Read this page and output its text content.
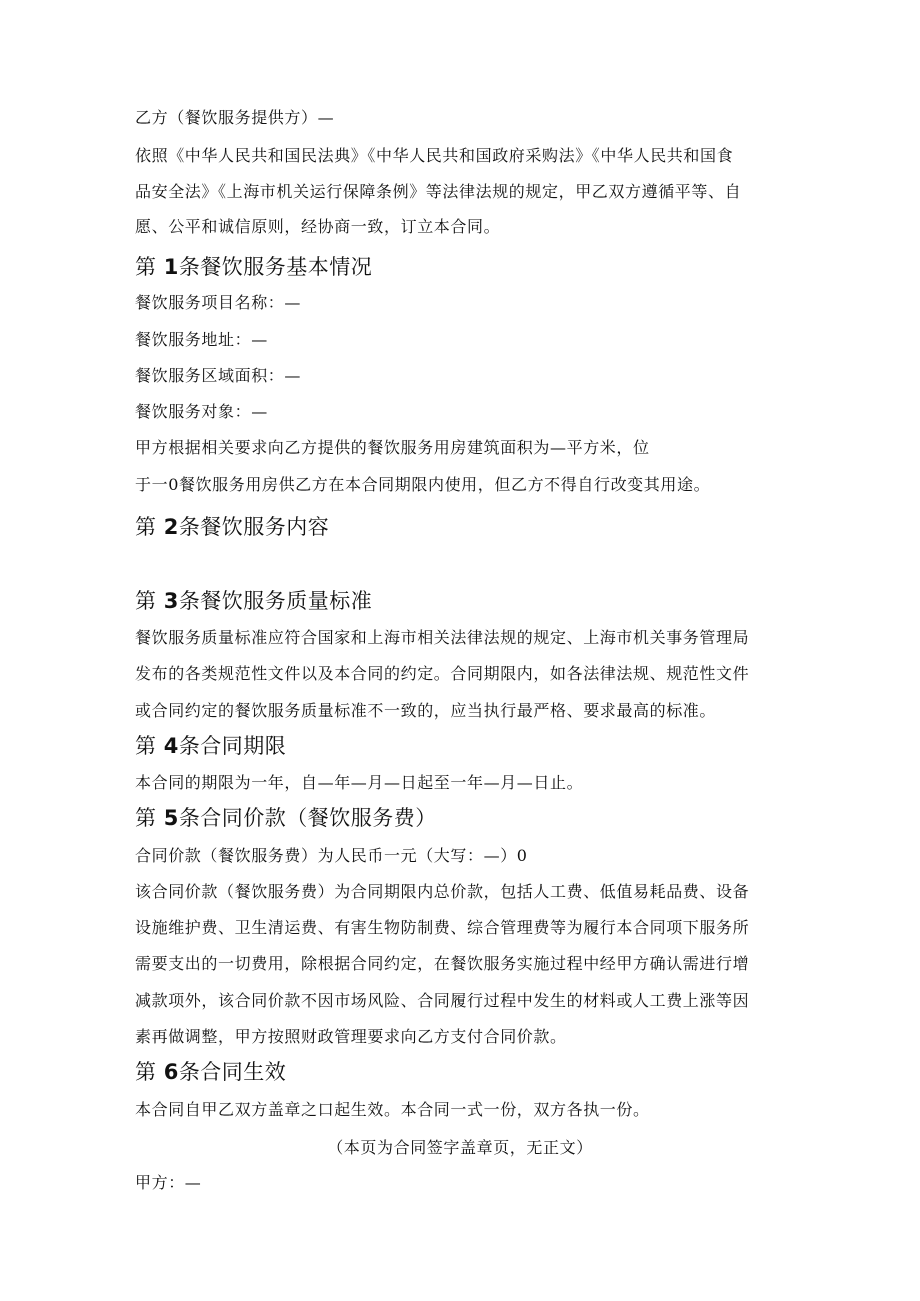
乙方（餐饮服务提供方）—
依照《中华人民共和国民法典》《中华人民共和国政府采购法》《中华人民共和国食
品安全法》《上海市机关运行保障条例》等法律法规的规定，甲乙双方遵循平等、自
愿、公平和诚信原则，经协商一致，订立本合同。
第 1条餐饮服务基本情况
餐饮服务项目名称：—
餐饮服务地址：—
餐饮服务区域面积：—
餐饮服务对象：—
甲方根据相关要求向乙方提供的餐饮服务用房建筑面积为—平方米，位
于一0餐饮服务用房供乙方在本合同期限内使用，但乙方不得自行改变其用途。
第 2条餐饮服务内容
第 3条餐饮服务质量标准
餐饮服务质量标准应符合国家和上海市相关法律法规的规定、上海市机关事务管理局
发布的各类规范性文件以及本合同的约定。合同期限内，如各法律法规、规范性文件
或合同约定的餐饮服务质量标准不一致的，应当执行最严格、要求最高的标准。
第 4条合同期限
本合同的期限为一年，自—年—月—日起至一年—月—日止。
第 5条合同价款（餐饮服务费）
合同价款（餐饮服务费）为人民币一元（大写：—）0
该合同价款（餐饮服务费）为合同期限内总价款，包括人工费、低值易耗品费、设备
设施维护费、卫生清运费、有害生物防制费、综合管理费等为履行本合同项下服务所
需要支出的一切费用，除根据合同约定，在餐饮服务实施过程中经甲方确认需进行增
减款项外，该合同价款不因市场风险、合同履行过程中发生的材料或人工费上涨等因
素再做调整，甲方按照财政管理要求向乙方支付合同价款。
第 6条合同生效
本合同自甲乙双方盖章之口起生效。本合同一式一份，双方各执一份。
（本页为合同签字盖章页，无正文）
甲方：—
